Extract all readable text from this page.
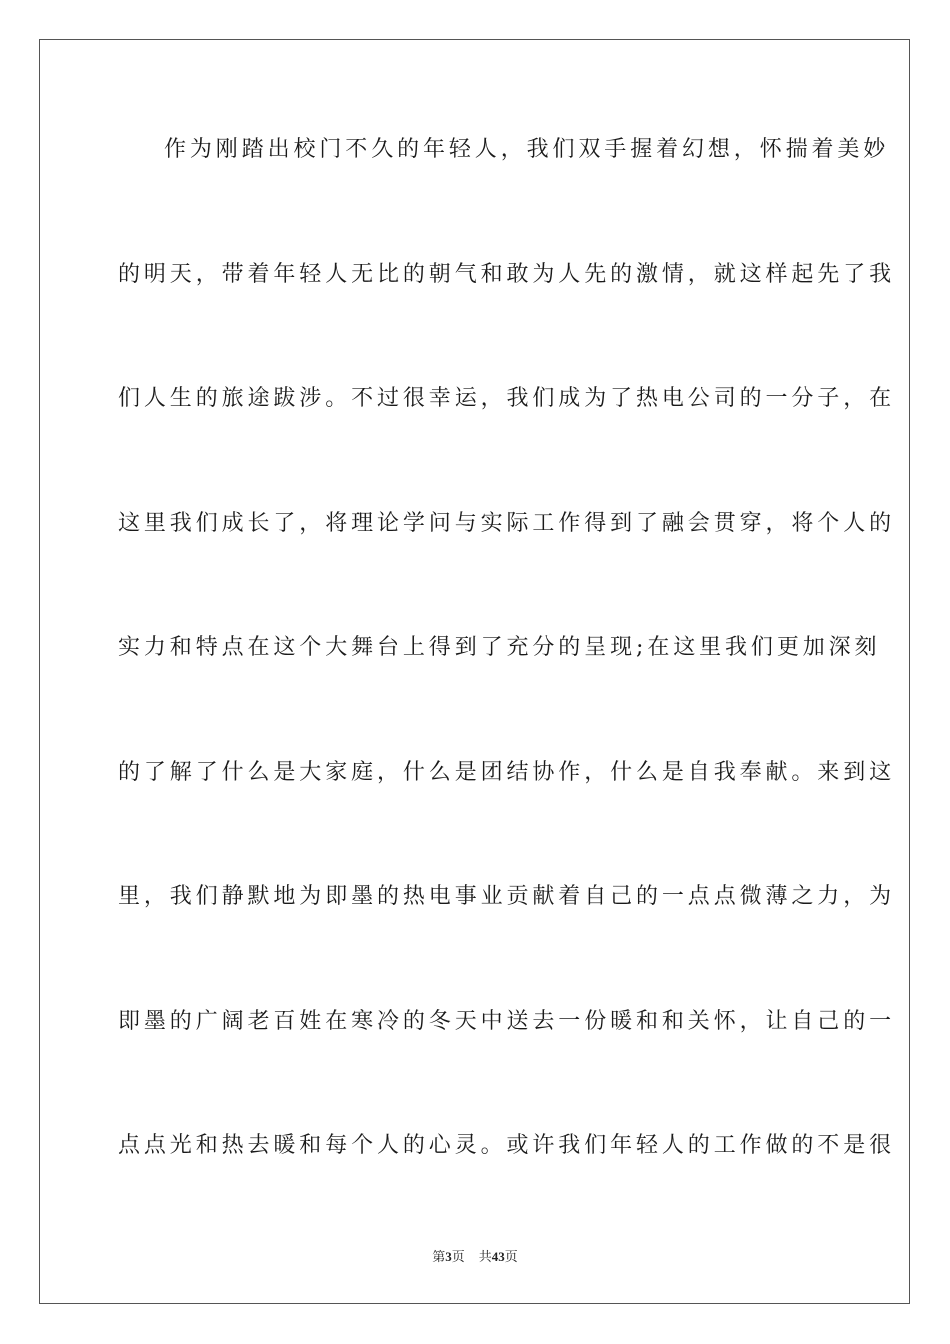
作为刚踏出校门不久的年轻人，我们双手握着幻想，怀揣着美妙
的明天，带着年轻人无比的朝气和敢为人先的激情，就这样起先了我
们人生的旅途跋涉。不过很幸运，我们成为了热电公司的一分子，在
这里我们成长了，将理论学问与实际工作得到了融会贯穿，将个人的
实力和特点在这个大舞台上得到了充分的呈现;在这里我们更加深刻
的了解了什么是大家庭，什么是团结协作，什么是自我奉献。来到这
里，我们静默地为即墨的热电事业贡献着自己的一点点微薄之力，为
即墨的广阔老百姓在寒冷的冬天中送去一份暖和和关怀，让自己的一
点点光和热去暖和每个人的心灵。或许我们年轻人的工作做的不是很
第3页 共43页
